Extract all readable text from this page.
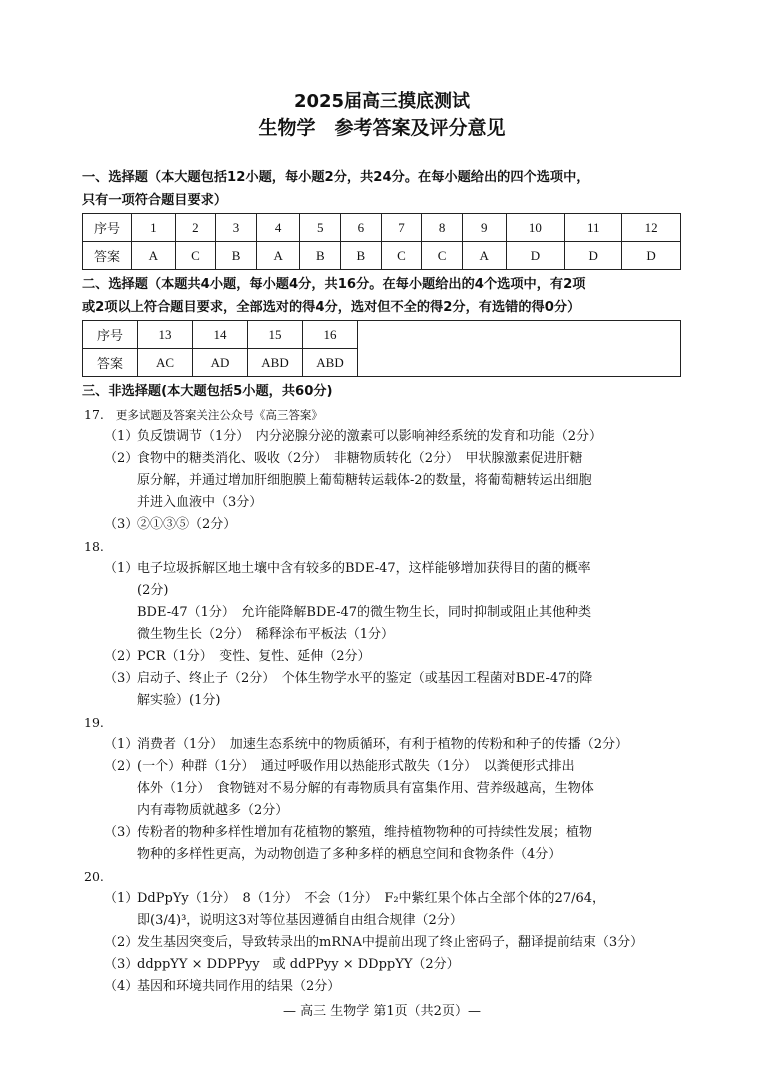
2025届高三摸底测试
生物学　参考答案及评分意见
一、选择题（本大题包括12小题，每小题2分，共24分。在每小题给出的四个选项中，
只有一项符合题目要求）
序号	1	2	3	4	5	6	7	8	9	10	11	12
答案	A	C	B	A	B	B	C	C	A	D	D	D
二、选择题（本题共4小题，每小题4分，共16分。在每小题给出的4个选项中，有2项
或2项以上符合题目要求，全部选对的得4分，选对但不全的得2分，有选错的得0分）
序号	13	14	15	16	
答案	AC	AD	ABD	ABD	
三、非选择题(本大题包括5小题，共60分)
17. 更多试题及答案关注公众号《高三答案》
（1）
负反馈调节（1分）　内分泌腺分泌的激素可以影响神经系统的发育和功能（2分）
（2）
食物中的糖类消化、吸收（2分）　非糖物质转化（2分）　甲状腺激素促进肝糖
原分解，并通过增加肝细胞膜上葡萄糖转运载体-2的数量，将葡萄糖转运出细胞
并进入血液中（3分）
（3）
②①③⑤（2分）
18.
（1）
电子垃圾拆解区地土壤中含有较多的BDE-47，这样能够增加获得目的菌的概率
(2分)
BDE-47（1分）　允许能降解BDE-47的微生物生长，同时抑制或阻止其他种类
微生物生长（2分）　稀释涂布平板法（1分）
（2）
PCR（1分）　变性、复性、延伸（2分）
（3）
启动子、终止子（2分）　个体生物学水平的鉴定（或基因工程菌对BDE-47的降
解实验）(1分)
19.
（1）
消费者（1分）　加速生态系统中的物质循环，有利于植物的传粉和种子的传播（2分）
（2）
(一个）种群（1分）　通过呼吸作用以热能形式散失（1分）　以粪便形式排出
体外（1分）　食物链对不易分解的有毒物质具有富集作用、营养级越高，生物体
内有毒物质就越多（2分）
（3）
传粉者的物种多样性增加有花植物的繁殖，维持植物物种的可持续性发展；植物
物种的多样性更高，为动物创造了多种多样的栖息空间和食物条件（4分）
20.
（1）
DdPpYy（1分）　8（1分）　不会（1分）　F₂中紫红果个体占全部个体的27/64，
即(3/4)³，说明这3对等位基因遵循自由组合规律（2分）
（2）
发生基因突变后，导致转录出的mRNA中提前出现了终止密码子，翻译提前结束（3分）
（3）
ddppYY × DDPPyy　或 ddPPyy × DDppYY（2分）
（4）
基因和环境共同作用的结果（2分）
— 高三 生物学 第1页（共2页）—
